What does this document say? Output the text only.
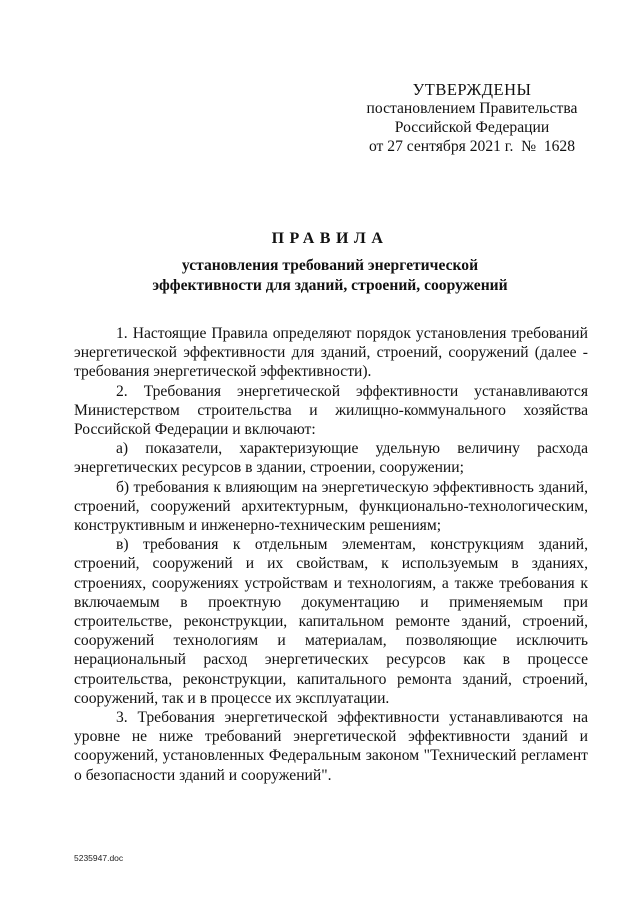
УТВЕРЖДЕНЫ
постановлением Правительства
Российской Федерации
от 27 сентября 2021 г.  №  1628
ПРАВИЛА
установления требований энергетической
эффективности для зданий, строений, сооружений

1. Настоящие Правила определяют порядок установления требований энергетической эффективности для зданий, строений, сооружений (далее - требования энергетической эффективности).

2. Требования энергетической эффективности устанавливаются Министерством строительства и жилищно-коммунального хозяйства Российской Федерации и включают:

а) показатели, характеризующие удельную величину расхода энергетических ресурсов в здании, строении, сооружении;

б) требования к влияющим на энергетическую эффективность зданий, строений, сооружений архитектурным, функционально-технологическим, конструктивным и инженерно-техническим решениям;

в) требования к отдельным элементам, конструкциям зданий, строений, сооружений и их свойствам, к используемым в зданиях, строениях, сооружениях устройствам и технологиям, а также требования к включаемым в проектную документацию и применяемым при строительстве, реконструкции, капитальном ремонте зданий, строений, сооружений технологиям и материалам, позволяющие исключить нерациональный расход энергетических ресурсов как в процессе строительства, реконструкции, капитального ремонта зданий, строений, сооружений, так и в процессе их эксплуатации.

3. Требования энергетической эффективности устанавливаются на уровне не ниже требований энергетической эффективности зданий и сооружений, установленных Федеральным законом "Технический регламент о безопасности зданий и сооружений".

5235947.doc
